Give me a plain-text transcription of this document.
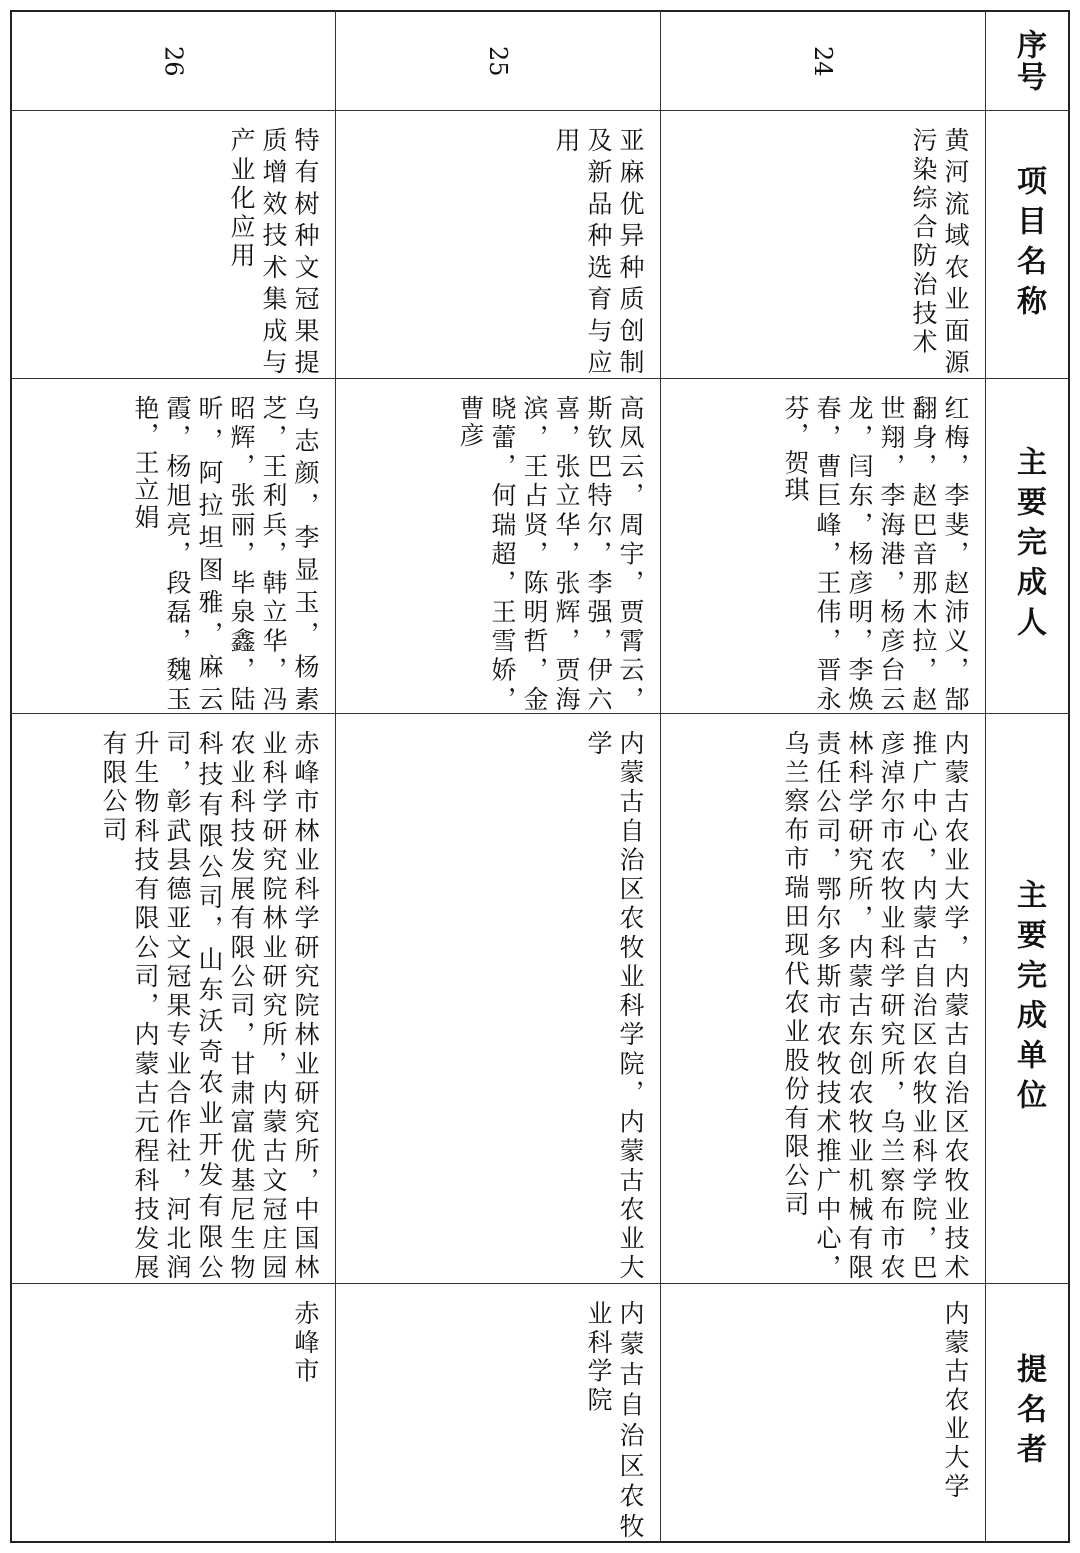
序号
项目名称
主要完成人
主要完成单位
提名者
24
黄河流域农业面源污染综合防治技术
红梅，李斐，赵沛义，郜翻身，赵巴音那木拉，赵世翔，李海港，杨彦台云龙，闫东，杨彦明，李焕春，曹巨峰，王伟，晋永芬，贺琪
内蒙古农业大学，内蒙古自治区农牧业技术推广中心，内蒙古自治区农牧业科学院，巴彦淖尔市农牧业科学研究所，乌兰察布市农林科学研究所，内蒙古东创农牧业机械有限责任公司，鄂尔多斯市农牧技术推广中心，乌兰察布市瑞田现代农业股份有限公司
内蒙古农业大学
25
亚麻优异种质创制及新品种选育与应用
高凤云，周宇，贾霄云，斯钦巴特尔，李强，伊六喜，张立华，张辉，贾海滨，王占贤，陈明哲，金晓蕾，何瑞超，王雪娇，曹彦
内蒙古自治区农牧业科学院，内蒙古农业大学
内蒙古自治区农牧业科学院
26
特有树种文冠果提质增效技术集成与产业化应用
乌志颜，李显玉，杨素芝，王利兵，韩立华，冯昭辉，张丽，毕泉鑫，陆昕，阿拉坦图雅，麻云霞，杨旭亮，段磊，魏玉艳，王立娟
赤峰市林业科学研究院林业研究所，中国林业科学研究院林业研究所，内蒙古文冠庄园农业科技发展有限公司，甘肃富优基尼生物科技有限公司，山东沃奇农业开发有限公司，彰武县德亚文冠果专业合作社，河北润升生物科技有限公司，内蒙古元程科技发展有限公司
赤峰市
